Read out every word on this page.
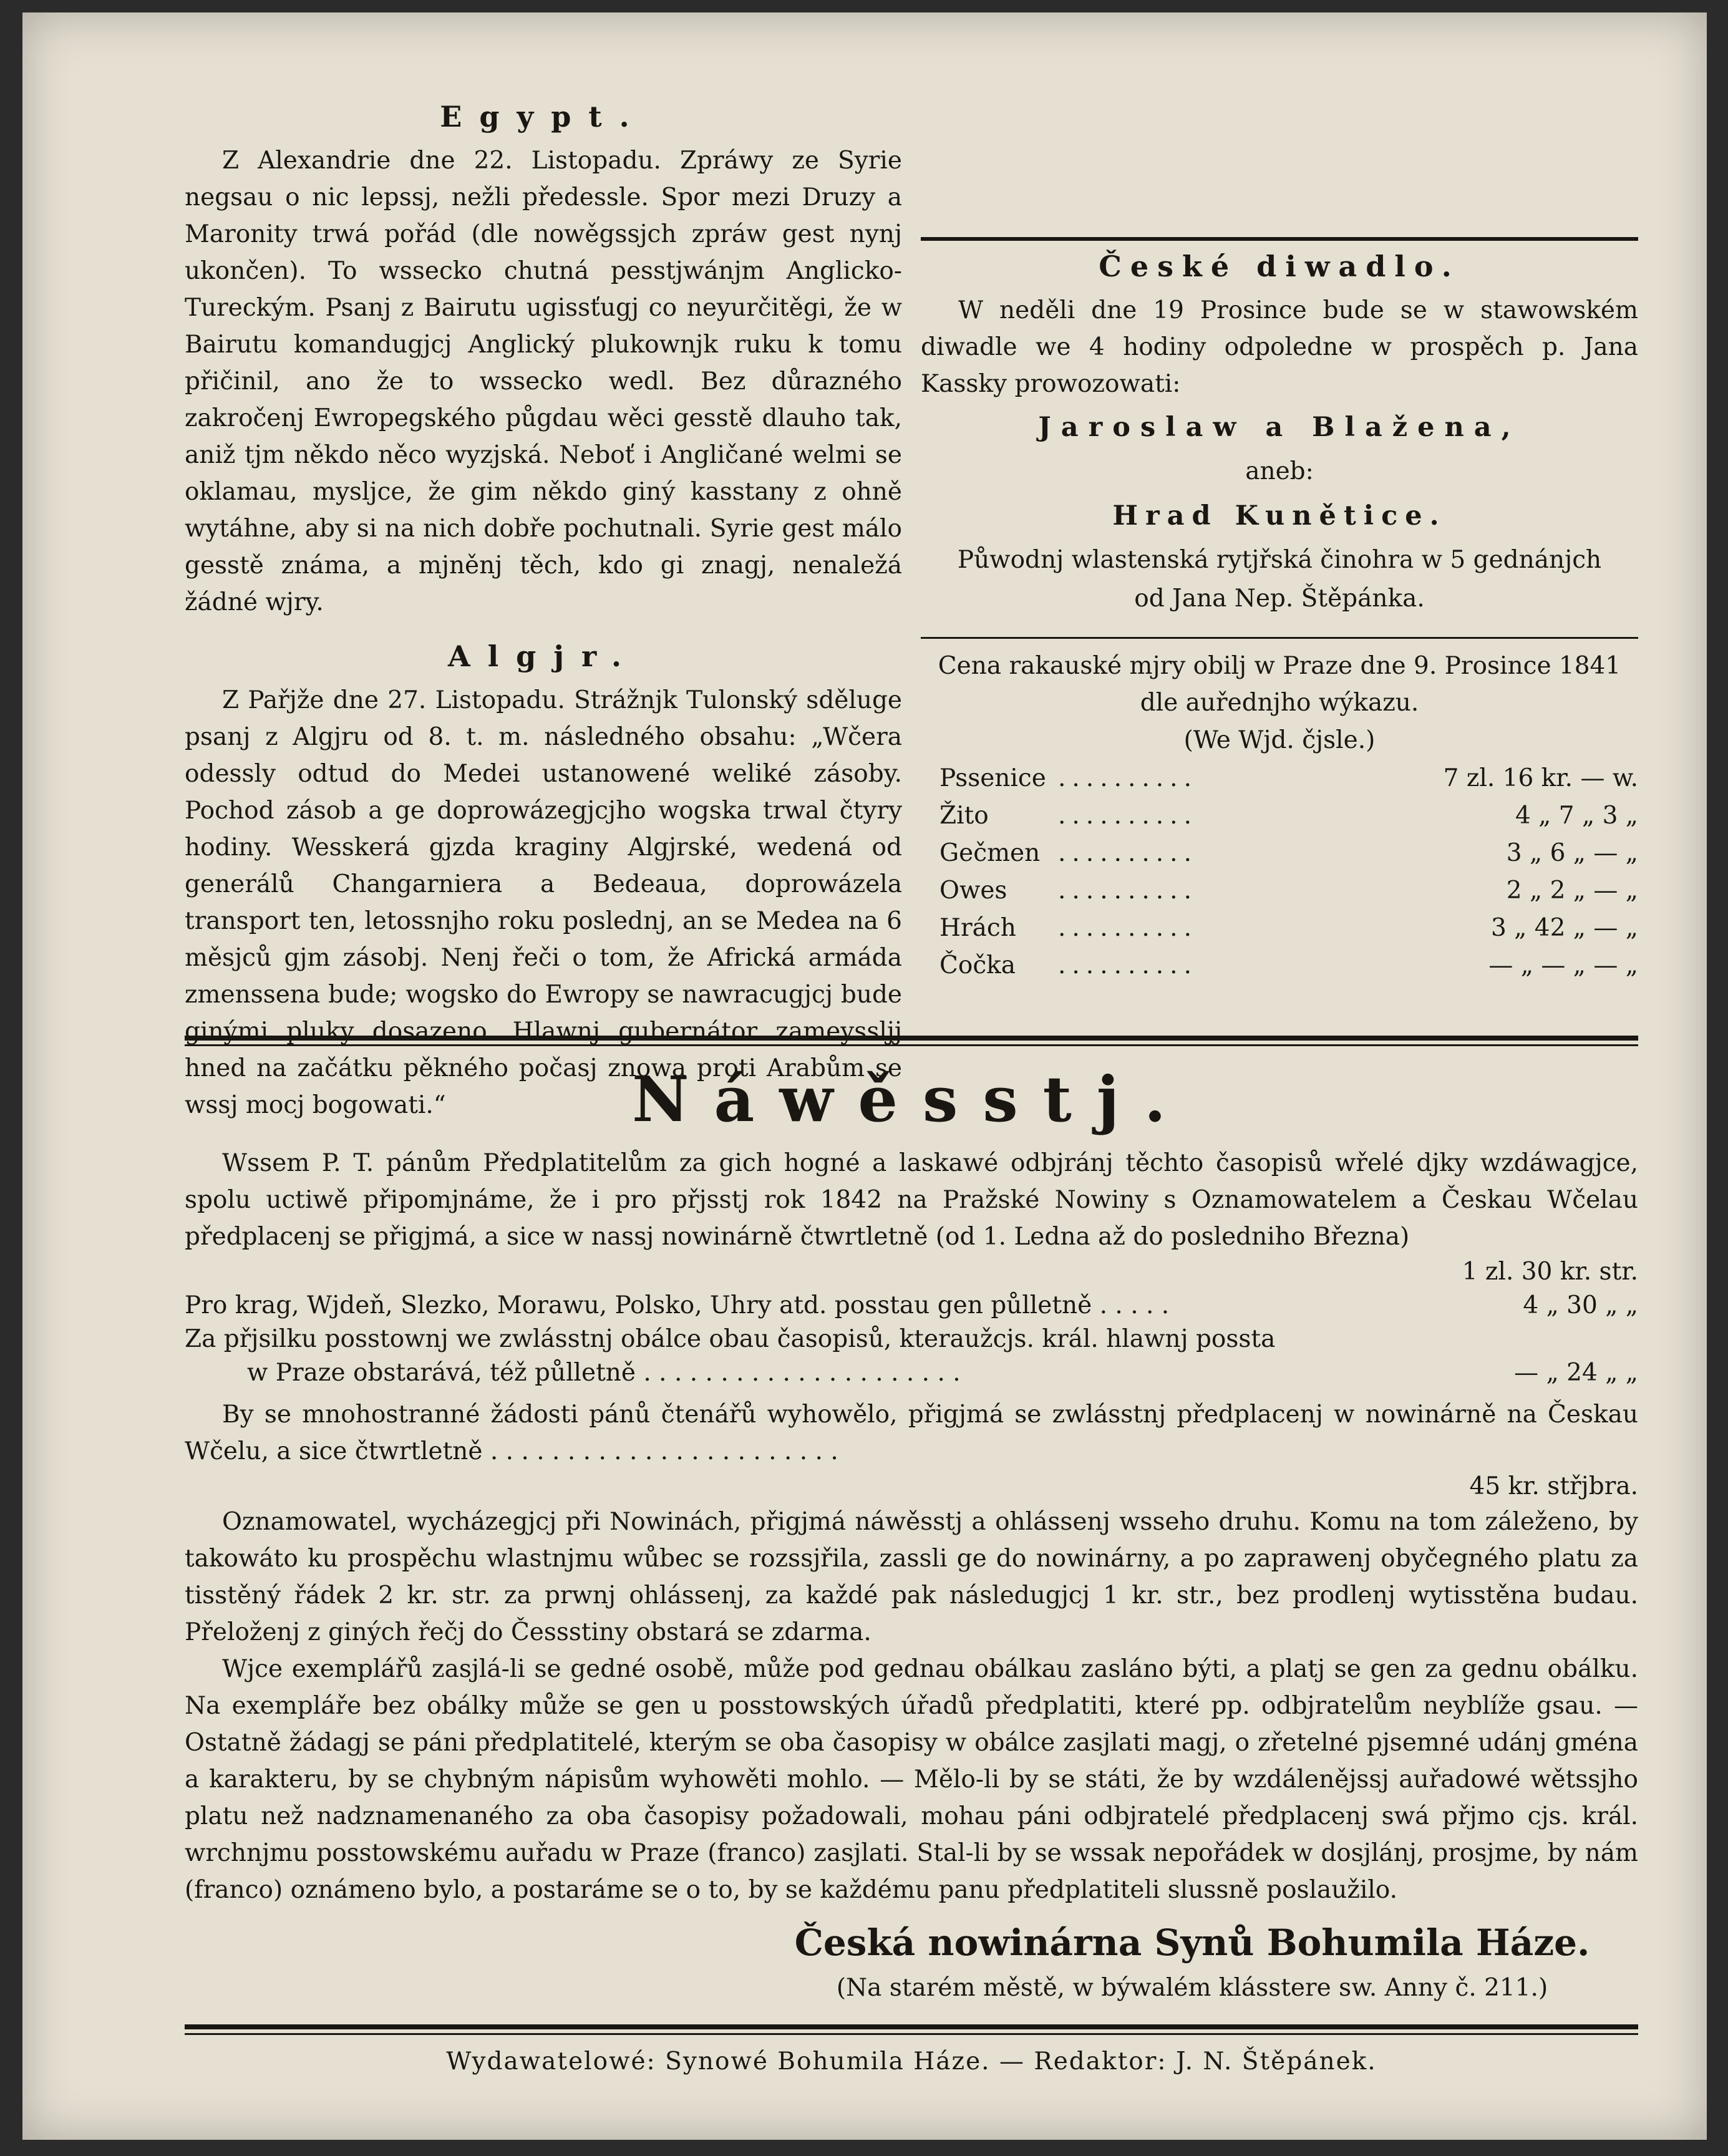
Egypt.

Z Alexandrie dne 22. Listopadu. Zpráwy ze Syrie negsau o nic lepssj, nežli předessle. Spor mezi Druzy a Maronity trwá pořád (dle nowěgssjch zpráw gest nynj ukončen). To wssecko chutná pesstjwánjm Anglicko-Tureckým. Psanj z Bairutu ugissťugj co neyurčitěgi, že w Bairutu komandugjcj Anglický plukownjk ruku k tomu přičinil, ano že to wssecko wedl. Bez důrazného zakročenj Ewropegského půgdau wěci gesstě dlauho tak, aniž tjm někdo něco wyzjská. Neboť i Angličané welmi se oklamau, mysljce, že gim někdo giný kasstany z ohně wytáhne, aby si na nich dobře pochutnali. Syrie gest málo gesstě známa, a mjněnj těch, kdo gi znagj, nenaležá žádné wjry.

Algjr.

Z Pařjže dne 27. Listopadu. Strážnjk Tulonský sděluge psanj z Algjru od 8. t. m. následného obsahu: „Wčera odessly odtud do Medei ustanowené weliké zásoby. Pochod zásob a ge doprowázegjcjho wogska trwal čtyry hodiny. Wesskerá gjzda kraginy Algjrské, wedená od generálů Changarniera a Bedeaua, doprowázela transport ten, letossnjho roku poslednj, an se Medea na 6 měsjců gjm zásobj. Nenj řeči o tom, že Africká armáda zmenssena bude; wogsko do Ewropy se nawracugjcj bude ginými pluky dosazeno. Hlawnj gubernátor zameyssljj hned na začátku pěkného počasj znowa proti Arabům se wssj mocj bogowati.“

České diwadlo.

W neděli dne 19 Prosince bude se w stawowském diwadle we 4 hodiny odpoledne w prospěch p. Jana Kassky prowozowati:

Jaroslaw a Blažena,
aneb:
Hrad Kunětice.
Půwodnj wlastenská rytjřská činohra w 5 gednánjch
od Jana Nep. Štěpánka.

Cena rakauské mjry obilj w Praze dne 9. Prosince 1841 dle auřednjho wýkazu.

(We Wjd. čjsle.)
Pssenice ..........	7 zl. 16 kr. — w.
Žito	..........	4 „ 7 „ 3 „
Gečmen ..........	3 „ 6 „ — „
Owes	..........	2 „ 2 „ — „
Hrách	..........	3 „ 42 „ — „
Čočka	..........	— „ — „ — „
Náwěsstj.

Wssem P. T. pánům Předplatitelům za gich hogné a laskawé odbjránj těchto časopisů wřelé djky wzdáwagjce, spolu uctiwě připomjnáme, že i pro přjsstj rok 1842 na Pražské Nowiny s Oznamowatelem a Českau Wčelau předplacenj se přigjmá, a sice w nassj nowinárně čtwrtletně (od 1. Ledna až do posledniho Března)

1 zl. 30 kr. str.
Pro krag, Wjdeň, Slezko, Morawu, Polsko, Uhry atd. posstau gen půlletně . . . . .	4 „ 30 „ „
Za přjsilku posstownj we zwlásstnj obálce obau časopisů, kteraužcjs. král. hlawnj possta
w Praze obstarává, též půlletně . . . . . . . . . . . . . . . . . . . . .	— „ 24 „ „

By se mnohostranné žádosti pánů čtenářů wyhowělo, přigjmá se zwlásstnj předplacenj w nowinárně na Českau Wčelu, a sice čtwrtletně . . . . . . . . . . . . . . . . . . . . . . .

45 kr. střjbra.

Oznamowatel, wycházegjcj při Nowinách, přigjmá náwěsstj a ohlássenj wsseho druhu. Komu na tom záleženo, by takowáto ku prospěchu wlastnjmu wůbec se rozssjřila, zassli ge do nowinárny, a po zaprawenj obyčegného platu za tisstěný řádek 2 kr. str. za prwnj ohlássenj, za každé pak následugjcj 1 kr. str., bez prodlenj wytisstěna budau. Přeloženj z giných řečj do Čessstiny obstará se zdarma.

Wjce exemplářů zasjlá-li se gedné osobě, může pod gednau obálkau zasláno býti, a platj se gen za gednu obálku. Na exempláře bez obálky může se gen u posstowských úřadů předplatiti, které pp. odbjratelům neyblíže gsau. — Ostatně žádagj se páni předplatitelé, kterým se oba časopisy w obálce zasjlati magj, o zřetelné pjsemné udánj gména a karakteru, by se chybným nápisům wyhowěti mohlo. — Mělo-li by se státi, že by wzdálenějssj auřadowé wětssjho platu než nadznamenaného za oba časopisy požadowali, mohau páni odbjratelé předplacenj swá přjmo cjs. král. wrchnjmu posstowskému auřadu w Praze (franco) zasjlati. Stal-li by se wssak nepořádek w dosjlánj, prosjme, by nám (franco) oznámeno bylo, a postaráme se o to, by se každému panu předplatiteli slussně poslaužilo.

Česká nowinárna Synů Bohumila Háze.
(Na starém městě, w býwalém klásstere sw. Anny č. 211.)
Wydawatelowé: Synowé Bohumila Háze. — Redaktor: J. N. Štěpánek.
